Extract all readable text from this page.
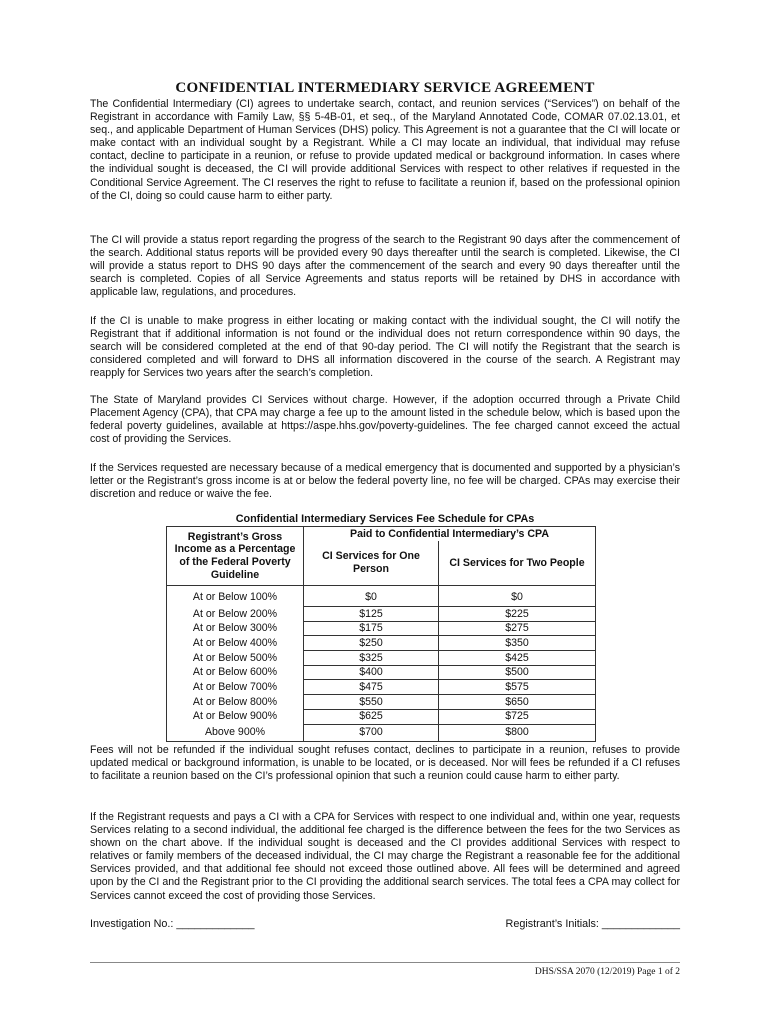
CONFIDENTIAL INTERMEDIARY SERVICE AGREEMENT

The Confidential Intermediary (CI) agrees to undertake search, contact, and reunion services (“Services”) on behalf of the Registrant in accordance with Family Law, §§ 5-4B-01, et seq., of the Maryland Annotated Code, COMAR 07.02.13.01, et seq., and applicable Department of Human Services (DHS) policy. This Agreement is not a guarantee that the CI will locate or make contact with an individual sought by a Registrant. While a CI may locate an individual, that individual may refuse contact, decline to participate in a reunion, or refuse to provide updated medical or background information. In cases where the individual sought is deceased, the CI will provide additional Services with respect to other relatives if requested in the Conditional Service Agreement. The CI reserves the right to refuse to facilitate a reunion if, based on the professional opinion of the CI, doing so could cause harm to either party.

The CI will provide a status report regarding the progress of the search to the Registrant 90 days after the commencement of the search. Additional status reports will be provided every 90 days thereafter until the search is completed. Likewise, the CI will provide a status report to DHS 90 days after the commencement of the search and every 90 days thereafter until the search is completed. Copies of all Service Agreements and status reports will be retained by DHS in accordance with applicable law, regulations, and procedures.

If the CI is unable to make progress in either locating or making contact with the individual sought, the CI will notify the Registrant that if additional information is not found or the individual does not return correspondence within 90 days, the search will be considered completed at the end of that 90-day period. The CI will notify the Registrant that the search is considered completed and will forward to DHS all information discovered in the course of the search. A Registrant may reapply for Services two years after the search’s completion.

The State of Maryland provides CI Services without charge. However, if the adoption occurred through a Private Child Placement Agency (CPA), that CPA may charge a fee up to the amount listed in the schedule below, which is based upon the federal poverty guidelines, available at https://aspe.hhs.gov/poverty-guidelines. The fee charged cannot exceed the actual cost of providing the Services.

If the Services requested are necessary because of a medical emergency that is documented and supported by a physician’s letter or the Registrant’s gross income is at or below the federal poverty line, no fee will be charged. CPAs may exercise their discretion and reduce or waive the fee.

Confidential Intermediary Services Fee Schedule for CPAs
Registrant’s Gross Income as a Percentage of the Federal Poverty Guideline	Paid to Confidential Intermediary’s CPA	
	CI Services for One Person	CI Services for Two People
At or Below 100%	$0	$0
At or Below 200%	$125	$225
At or Below 300%	$175	$275
At or Below 400%	$250	$350
At or Below 500%	$325	$425
At or Below 600%	$400	$500
At or Below 700%	$475	$575
At or Below 800%	$550	$650
At or Below 900%	$625	$725
Above 900%	$700	$800

Fees will not be refunded if the individual sought refuses contact, declines to participate in a reunion, refuses to provide updated medical or background information, is unable to be located, or is deceased. Nor will fees be refunded if a CI refuses to facilitate a reunion based on the CI’s professional opinion that such a reunion could cause harm to either party.

If the Registrant requests and pays a CI with a CPA for Services with respect to one individual and, within one year, requests Services relating to a second individual, the additional fee charged is the difference between the fees for the two Services as shown on the chart above. If the individual sought is deceased and the CI provides additional Services with respect to relatives or family members of the deceased individual, the CI may charge the Registrant a reasonable fee for the additional Services provided, and that additional fee should not exceed those outlined above. All fees will be determined and agreed upon by the CI and the Registrant prior to the CI providing the additional search services. The total fees a CPA may collect for Services cannot exceed the cost of providing those Services.

Investigation No.: _____________	Registrant’s Initials: _____________
DHS/SSA 2070 (12/2019) Page 1 of 2
